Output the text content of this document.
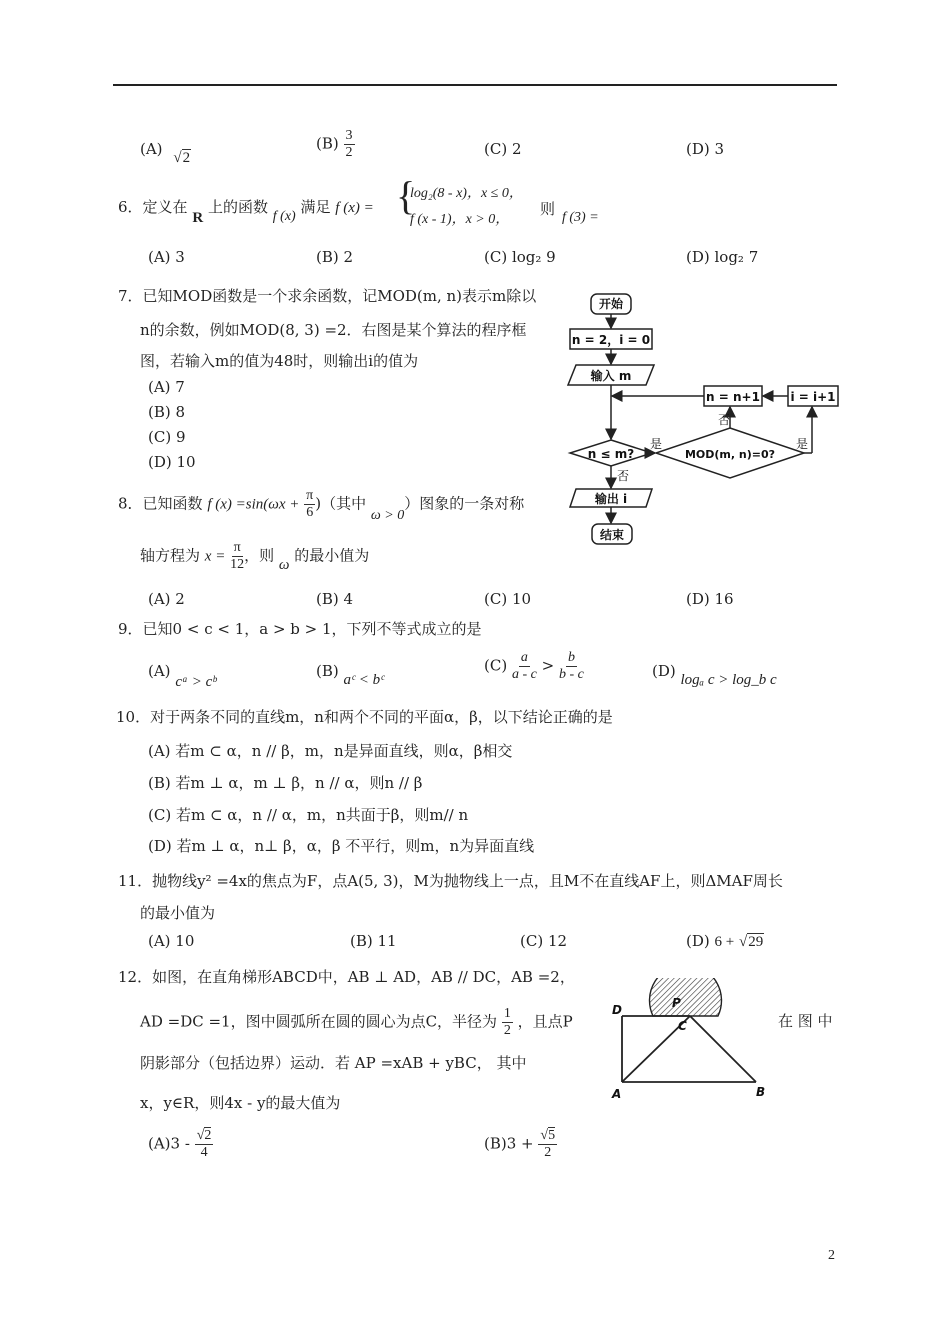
(A) √2
$(B) \frac{3}{2}$	(C) 2	(D) 3
6．定义在 R 上的函数 f (x) 满足 f (x) = {
log₂(8 - x)，x ≤ 0，
f (x - 1)，x > 0，
则 f (3) =
(A) 3	(B) 2	(C) log₂ 9	(D) log₂ 7
7．已知MOD函数是一个求余函数，记MOD(m, n)表示m除以
n的余数，例如MOD(8, 3) =2．右图是某个算法的程序框
图，若输入m的值为48时，则输出i的值为
(A) 7
(B) 8
(C) 9
(D) 10
开始
n = 2，i = 0
输入 m
n = n+1	i = i+1
n ≤ m?	MOD(m, n)=0?
输出 i
结束
否
是	是
否
8．已知函数 f $(x) =\sin(\omega x + \frac{\pi}{6}$ )（其中 ω > 0）图象的一条对称
轴方程为 $x = \frac{\pi}{12}$ ，则 ω 的最小值为
(A) 2	(B) 4	(C) 10	(D) 16
9．已知0 < c < 1，a > b > 1，下列不等式成立的是
(A) cᵃ > cᵇ
(B) aᶜ < bᶜ
$(C) \frac{a}{a - c} > \frac{b}{b - c}$	(D) logₐ c > log_b c
10．对于两条不同的直线m，n和两个不同的平面α，β，以下结论正确的是
(A) 若m ⊂ α，n // β，m，n是异面直线，则α，β相交
(B) 若m ⊥ α，m ⊥ β，n // α，则n // β
(C) 若m ⊂ α，n // α，m，n共面于β，则m// n
(D) 若m ⊥ α，n⊥ β，α，β 不平行，则m，n为异面直线
11．抛物线y² =4x的焦点为F，点A(5, 3)，M为抛物线上一点，且M不在直线AF上，则ΔMAF周长
的最小值为
(A) 10	(B) 11	(C) 12	(D) 6 + √29
12．如图，在直角梯形ABCD中，AB ⊥ AD，AB // DC，AB =2，
AD =DC =1，图中圆弧所在圆的圆心为点C，半径为 $\frac{1}{2}$ ，且点P	在 图 中
阴影部分（包括边界）运动．若 AP =xAB + yBC， 其中
x，y∈R，则4x - y的最大值为
$(A)3 - \frac{√2}{4}$	$(B)3 + \frac{√5}{2}$
D	P
C
A	B
2
